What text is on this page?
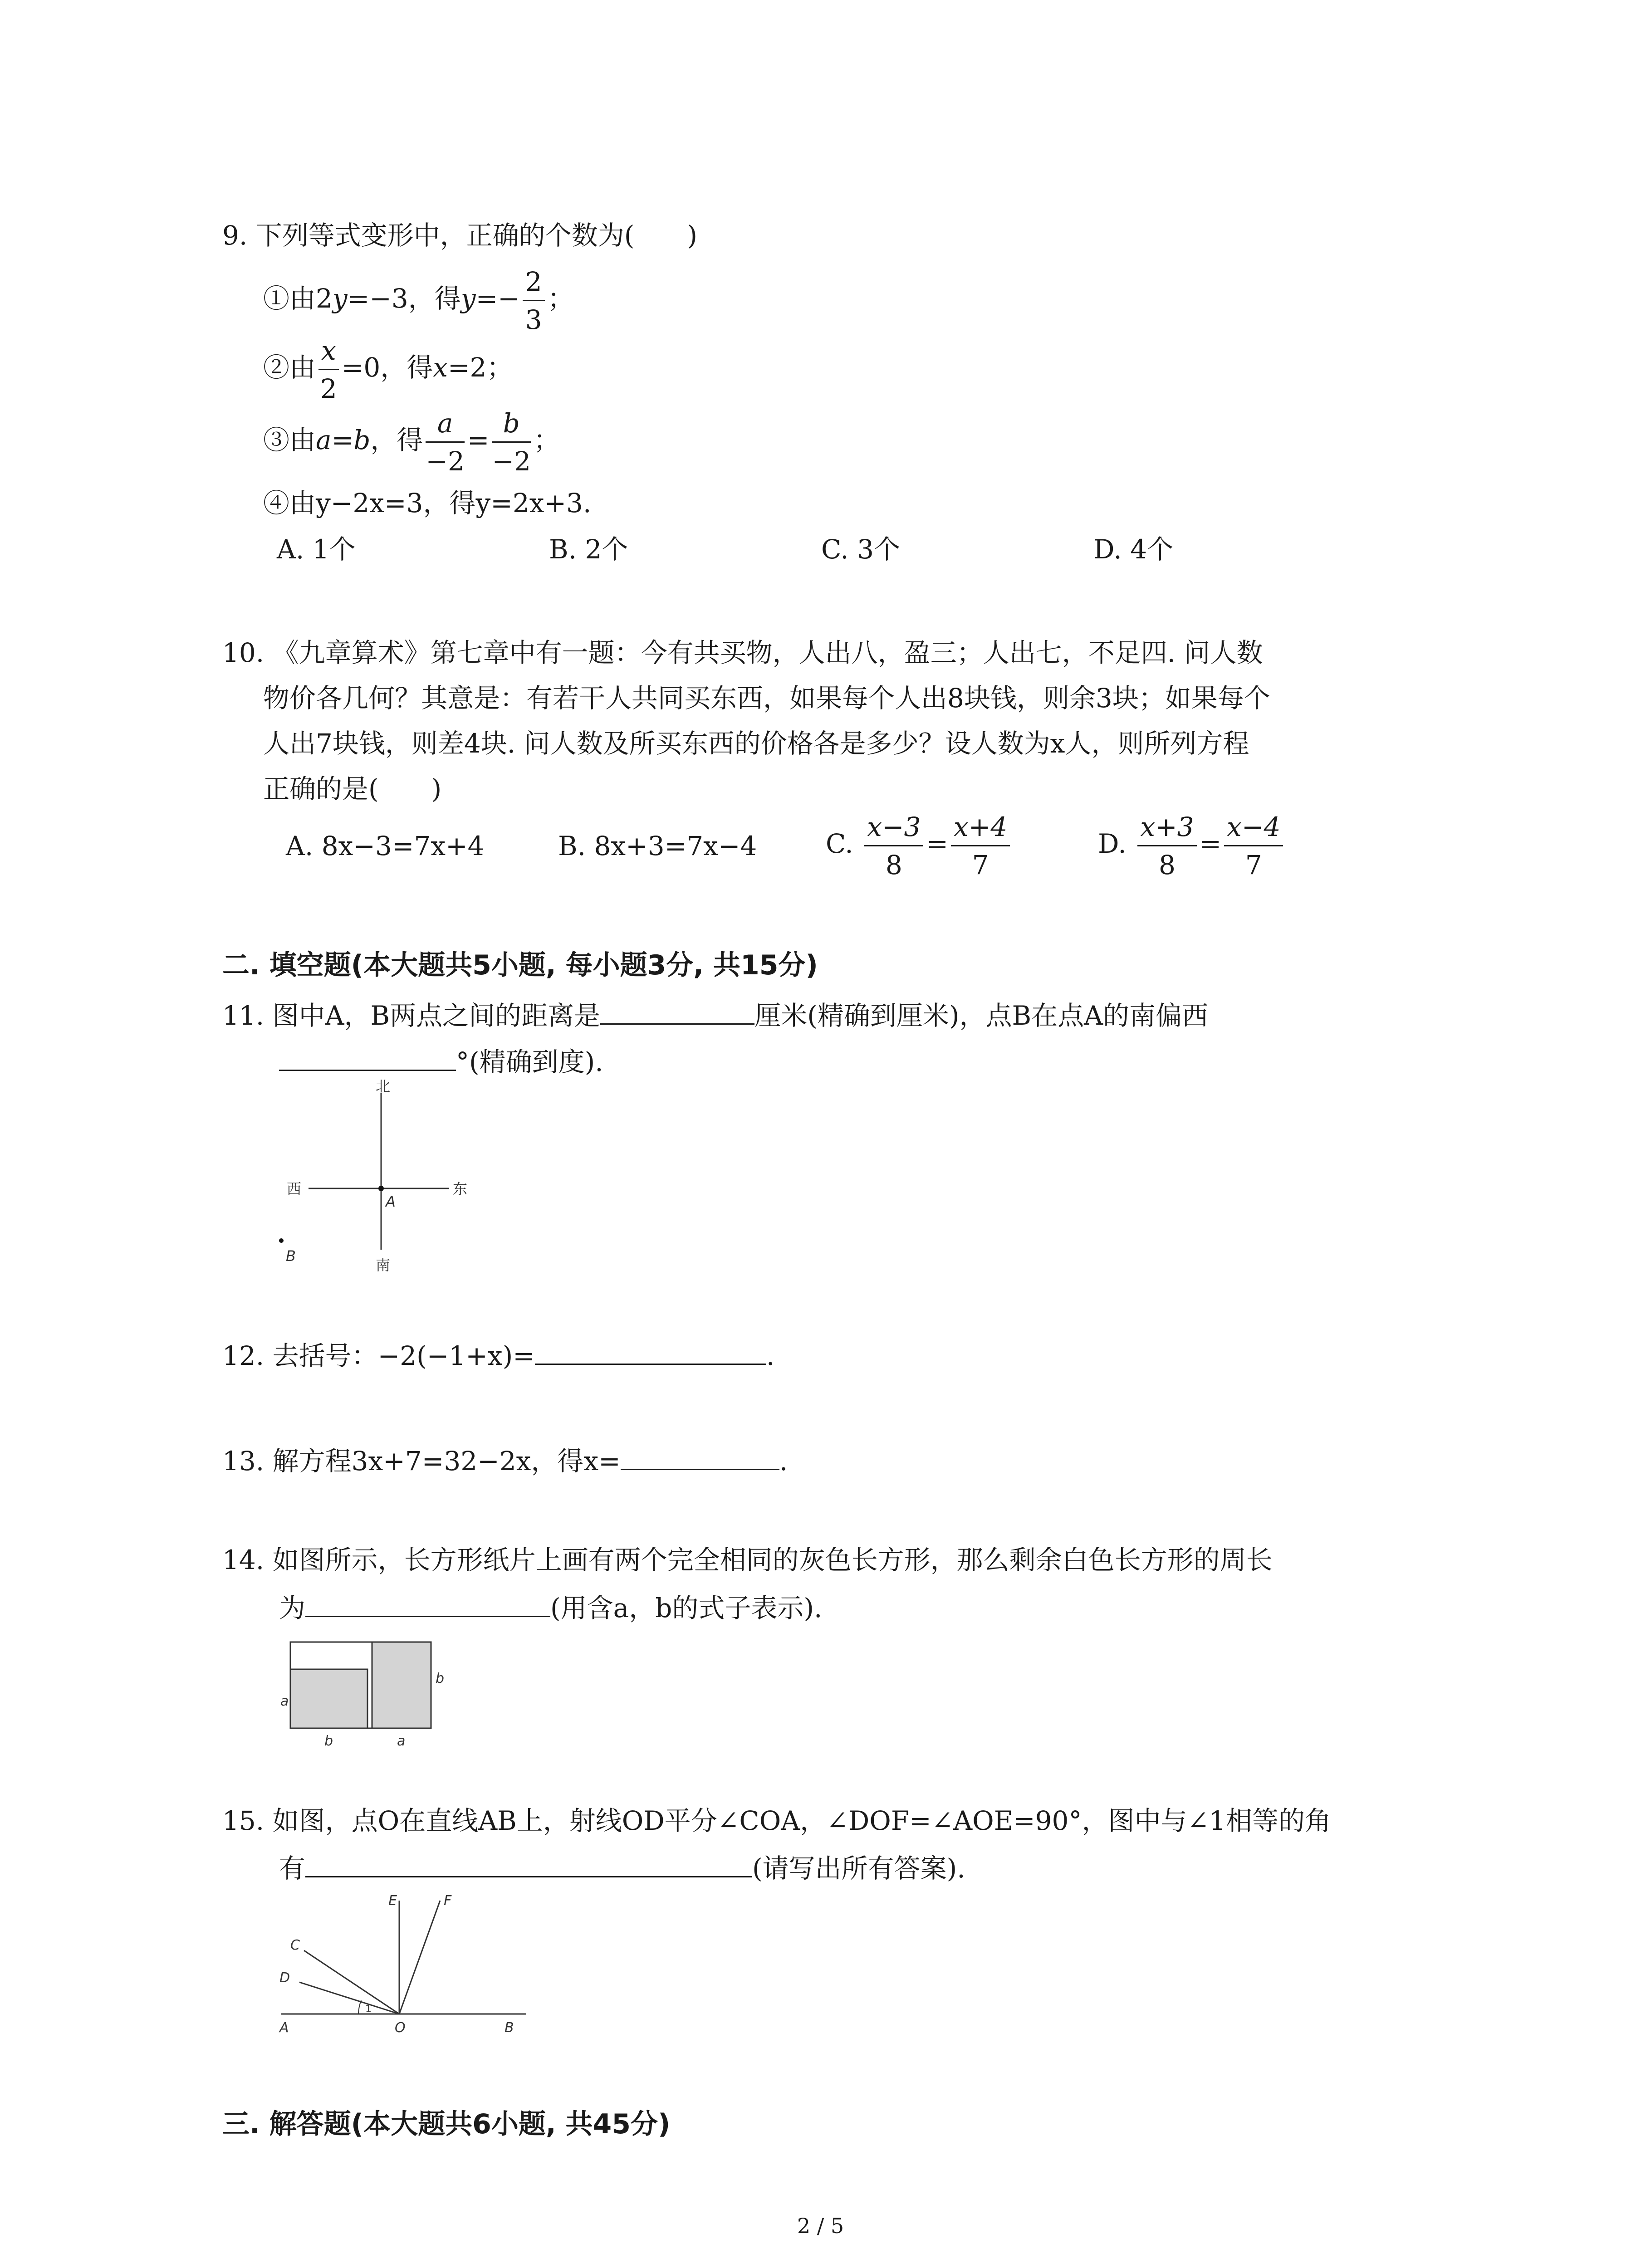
9. 下列等式变形中，正确的个数为(　　)
①由2y=−3，得$y=- \frac{2}{3}$ ；
②由 $\frac{x}{2} =0$，得x=2；
③由a=b，得 $\frac{a}{-2} = \frac{b}{-2}$ ；
④由y−2x=3，得y=2x+3.
A. 1个	B. 2个	C. 3个	D. 4个
10. 《九章算术》第七章中有一题：今有共买物，人出八，盈三；人出七，不足四. 问人数
物价各几何？其意是：有若干人共同买东西，如果每个人出8块钱，则余3块；如果每个
人出7块钱，则差4块. 问人数及所买东西的价格各是多少？设人数为x人，则所列方程
正确的是(　　)
A. 8x−3=7x+4	B. 8x+3=7x−4	C. $\frac{x-3}{8} = \frac{x+4}{7}$	D. $\frac{x+3}{8} = \frac{x-4}{7}$
二. 填空题(本大题共5小题, 每小题3分, 共15分)
11. 图中A，B两点之间的距离是	厘米(精确到厘米)，点B在点A的南偏西
°(精确到度).
北
南
东
西
A
B
12. 去括号：−2(−1+x)=	.
13. 解方程3x+7=32−2x，得x=	.
14. 如图所示，长方形纸片上画有两个完全相同的灰色长方形，那么剩余白色长方形的周长
为	(用含a，b的式子表示).
a
b
b	a
15. 如图，点O在直线AB上，射线OD平分∠COA，∠DOF=∠AOE=90°，图中与∠1相等的角
有	(请写出所有答案).
E	F
C
D
A	O	B
1
三. 解答题(本大题共6小题, 共45分)
2 / 5
